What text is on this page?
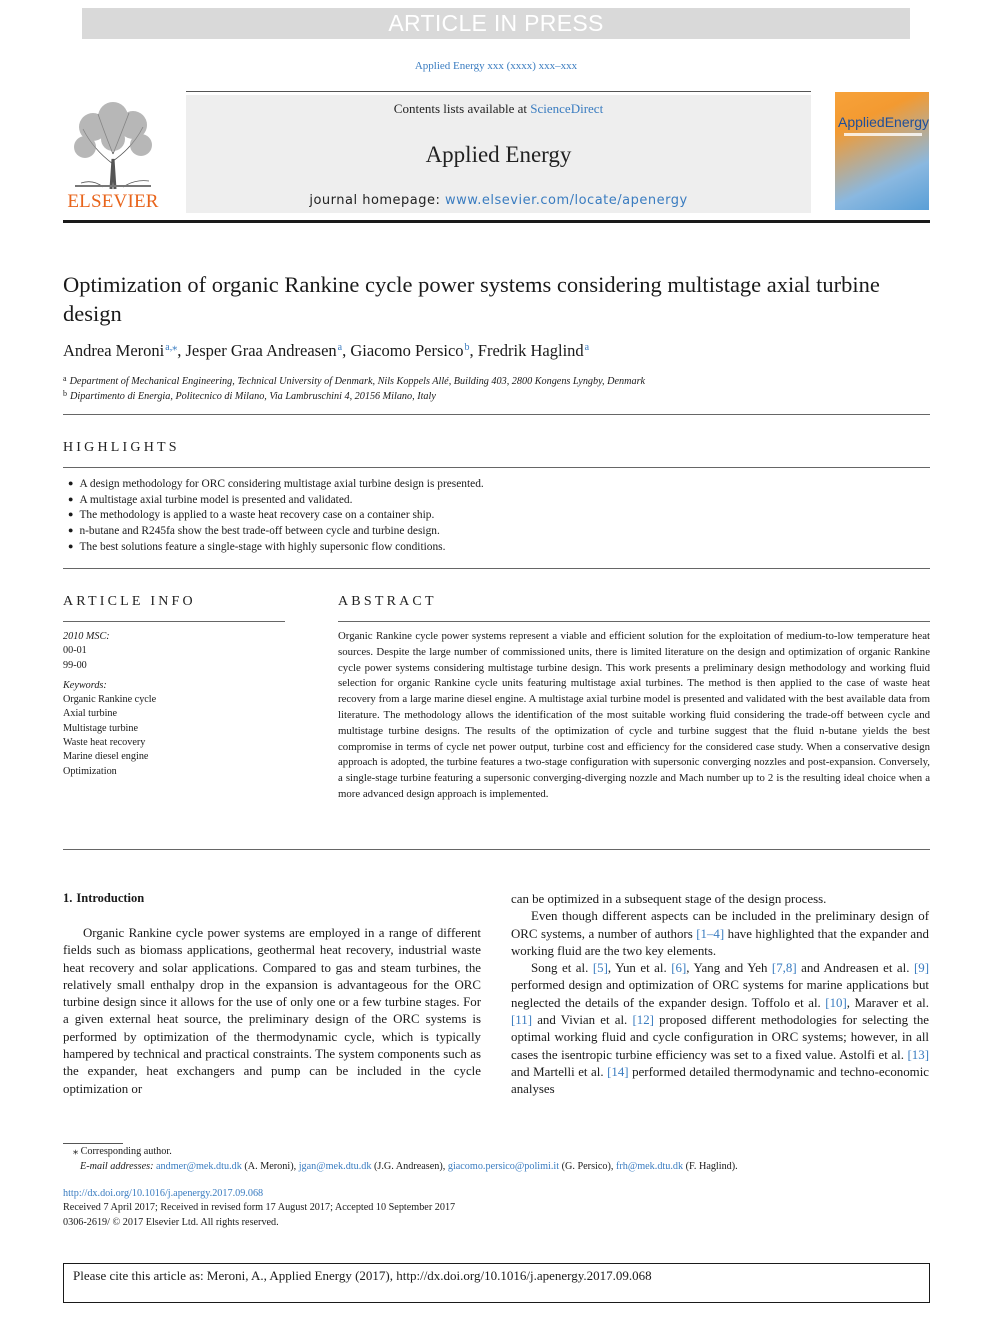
ARTICLE IN PRESS
Applied Energy xxx (xxxx) xxx–xxx
ELSEVIER
Contents lists available at ScienceDirect
Applied Energy
journal homepage: www.elsevier.com/locate/apenergy
AppliedEnergy
Optimization of organic Rankine cycle power systems considering multistage axial turbine design
Andrea Meroni$^{a,⁎}$, Jesper Graa Andreasen$^a$, Giacomo Persico$^b$, Fredrik Haglind$^a$
$^a$ Department of Mechanical Engineering, Technical University of Denmark, Nils Koppels Allé, Building 403, 2800 Kongens Lyngby, Denmark
$^b$ Dipartimento di Energia, Politecnico di Milano, Via Lambruschini 4, 20156 Milano, Italy
HIGHLIGHTS
● A design methodology for ORC considering multistage axial turbine design is presented.
● A multistage axial turbine model is presented and validated.
● The methodology is applied to a waste heat recovery case on a container ship.
● n-butane and R245fa show the best trade-off between cycle and turbine design.
● The best solutions feature a single-stage with highly supersonic flow conditions.
ARTICLE INFO
2010 MSC:
00-01
99-00
Keywords:
Organic Rankine cycle
Axial turbine
Multistage turbine
Waste heat recovery
Marine diesel engine
Optimization
ABSTRACT
Organic Rankine cycle power systems represent a viable and efficient solution for the exploitation of medium-to-low temperature heat sources. Despite the large number of commissioned units, there is limited literature on the design and optimization of organic Rankine cycle power systems considering multistage turbine design. This work presents a preliminary design methodology and working fluid selection for organic Rankine cycle units featuring multistage axial turbines. The method is then applied to the case of waste heat recovery from a large marine diesel engine. A multistage axial turbine model is presented and validated with the best available data from literature. The methodology allows the identification of the most suitable working fluid considering the trade-off between cycle and multistage turbine designs. The results of the optimization of cycle and turbine suggest that the fluid n-butane yields the best compromise in terms of cycle net power output, turbine cost and efficiency for the considered case study. When a conservative design approach is adopted, the turbine features a two-stage configuration with supersonic converging nozzles and post-expansion. Conversely, a single-stage turbine featuring a supersonic converging-diverging nozzle and Mach number up to 2 is the resulting ideal choice when a more advanced design approach is implemented.
1. Introduction

Organic Rankine cycle power systems are employed in a range of different fields such as biomass applications, geothermal heat recovery, industrial waste heat recovery and solar applications. Compared to gas and steam turbines, the relatively small enthalpy drop in the expansion is advantageous for the ORC turbine design since it allows for the use of only one or a few turbine stages. For a given external heat source, the preliminary design of the ORC systems is performed by optimization of the thermodynamic cycle, which is typically hampered by technical and practical constraints. The system components such as the expander, heat exchangers and pump can be included in the cycle optimization or

can be optimized in a subsequent stage of the design process.

Even though different aspects can be included in the preliminary design of ORC systems, a number of authors [1–4] have highlighted that the expander and working fluid are the two key elements.

Song et al. [5], Yun et al. [6], Yang and Yeh [7,8] and Andreasen et al. [9] performed design and optimization of ORC systems for marine applications but neglected the details of the expander design. Toffolo et al. [10], Maraver et al. [11] and Vivian et al. [12] proposed different methodologies for selecting the optimal working fluid and cycle configuration in ORC systems; however, in all cases the isentropic turbine efficiency was set to a fixed value. Astolfi et al. [13] and Martelli et al. [14] performed detailed thermodynamic and techno-economic analyses

⁎ Corresponding author.
E-mail addresses: andmer@mek.dtu.dk (A. Meroni), jgan@mek.dtu.dk (J.G. Andreasen), giacomo.persico@polimi.it (G. Persico), frh@mek.dtu.dk (F. Haglind).
http://dx.doi.org/10.1016/j.apenergy.2017.09.068
Received 7 April 2017; Received in revised form 17 August 2017; Accepted 10 September 2017
0306-2619/ © 2017 Elsevier Ltd. All rights reserved.
Please cite this article as: Meroni, A., Applied Energy (2017), http://dx.doi.org/10.1016/j.apenergy.2017.09.068
